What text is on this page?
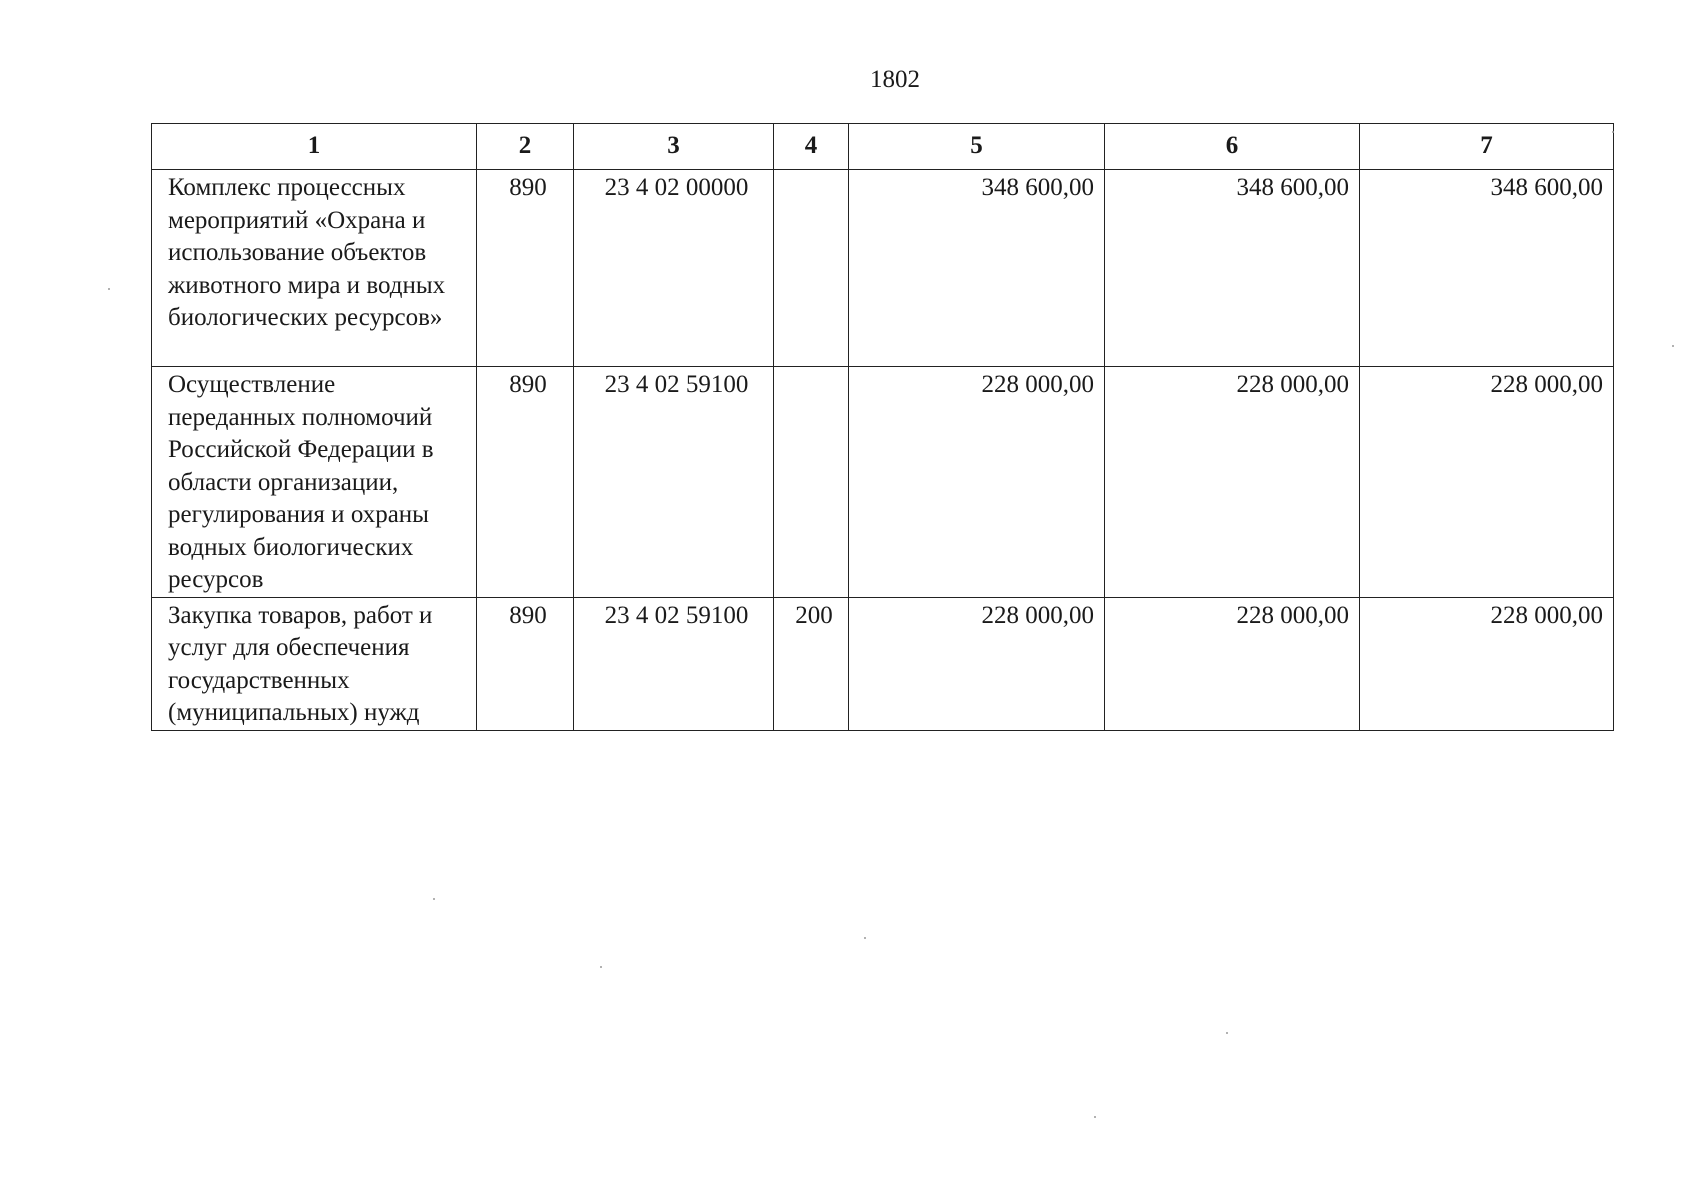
1802
1	2	3	4	5	6	7
Комплекс процессных мероприятий «Охрана и использование объектов животного мира и водных биологических ресурсов»	890	23 4 02 00000		348 600,00	348 600,00	348 600,00
Осуществление переданных полномочий Российской Федерации в области организации, регулирования и охраны водных биологических ресурсов	890	23 4 02 59100		228 000,00	228 000,00	228 000,00
Закупка товаров, работ и услуг для обеспечения государственных (муниципальных) нужд	890	23 4 02 59100	200	228 000,00	228 000,00	228 000,00
